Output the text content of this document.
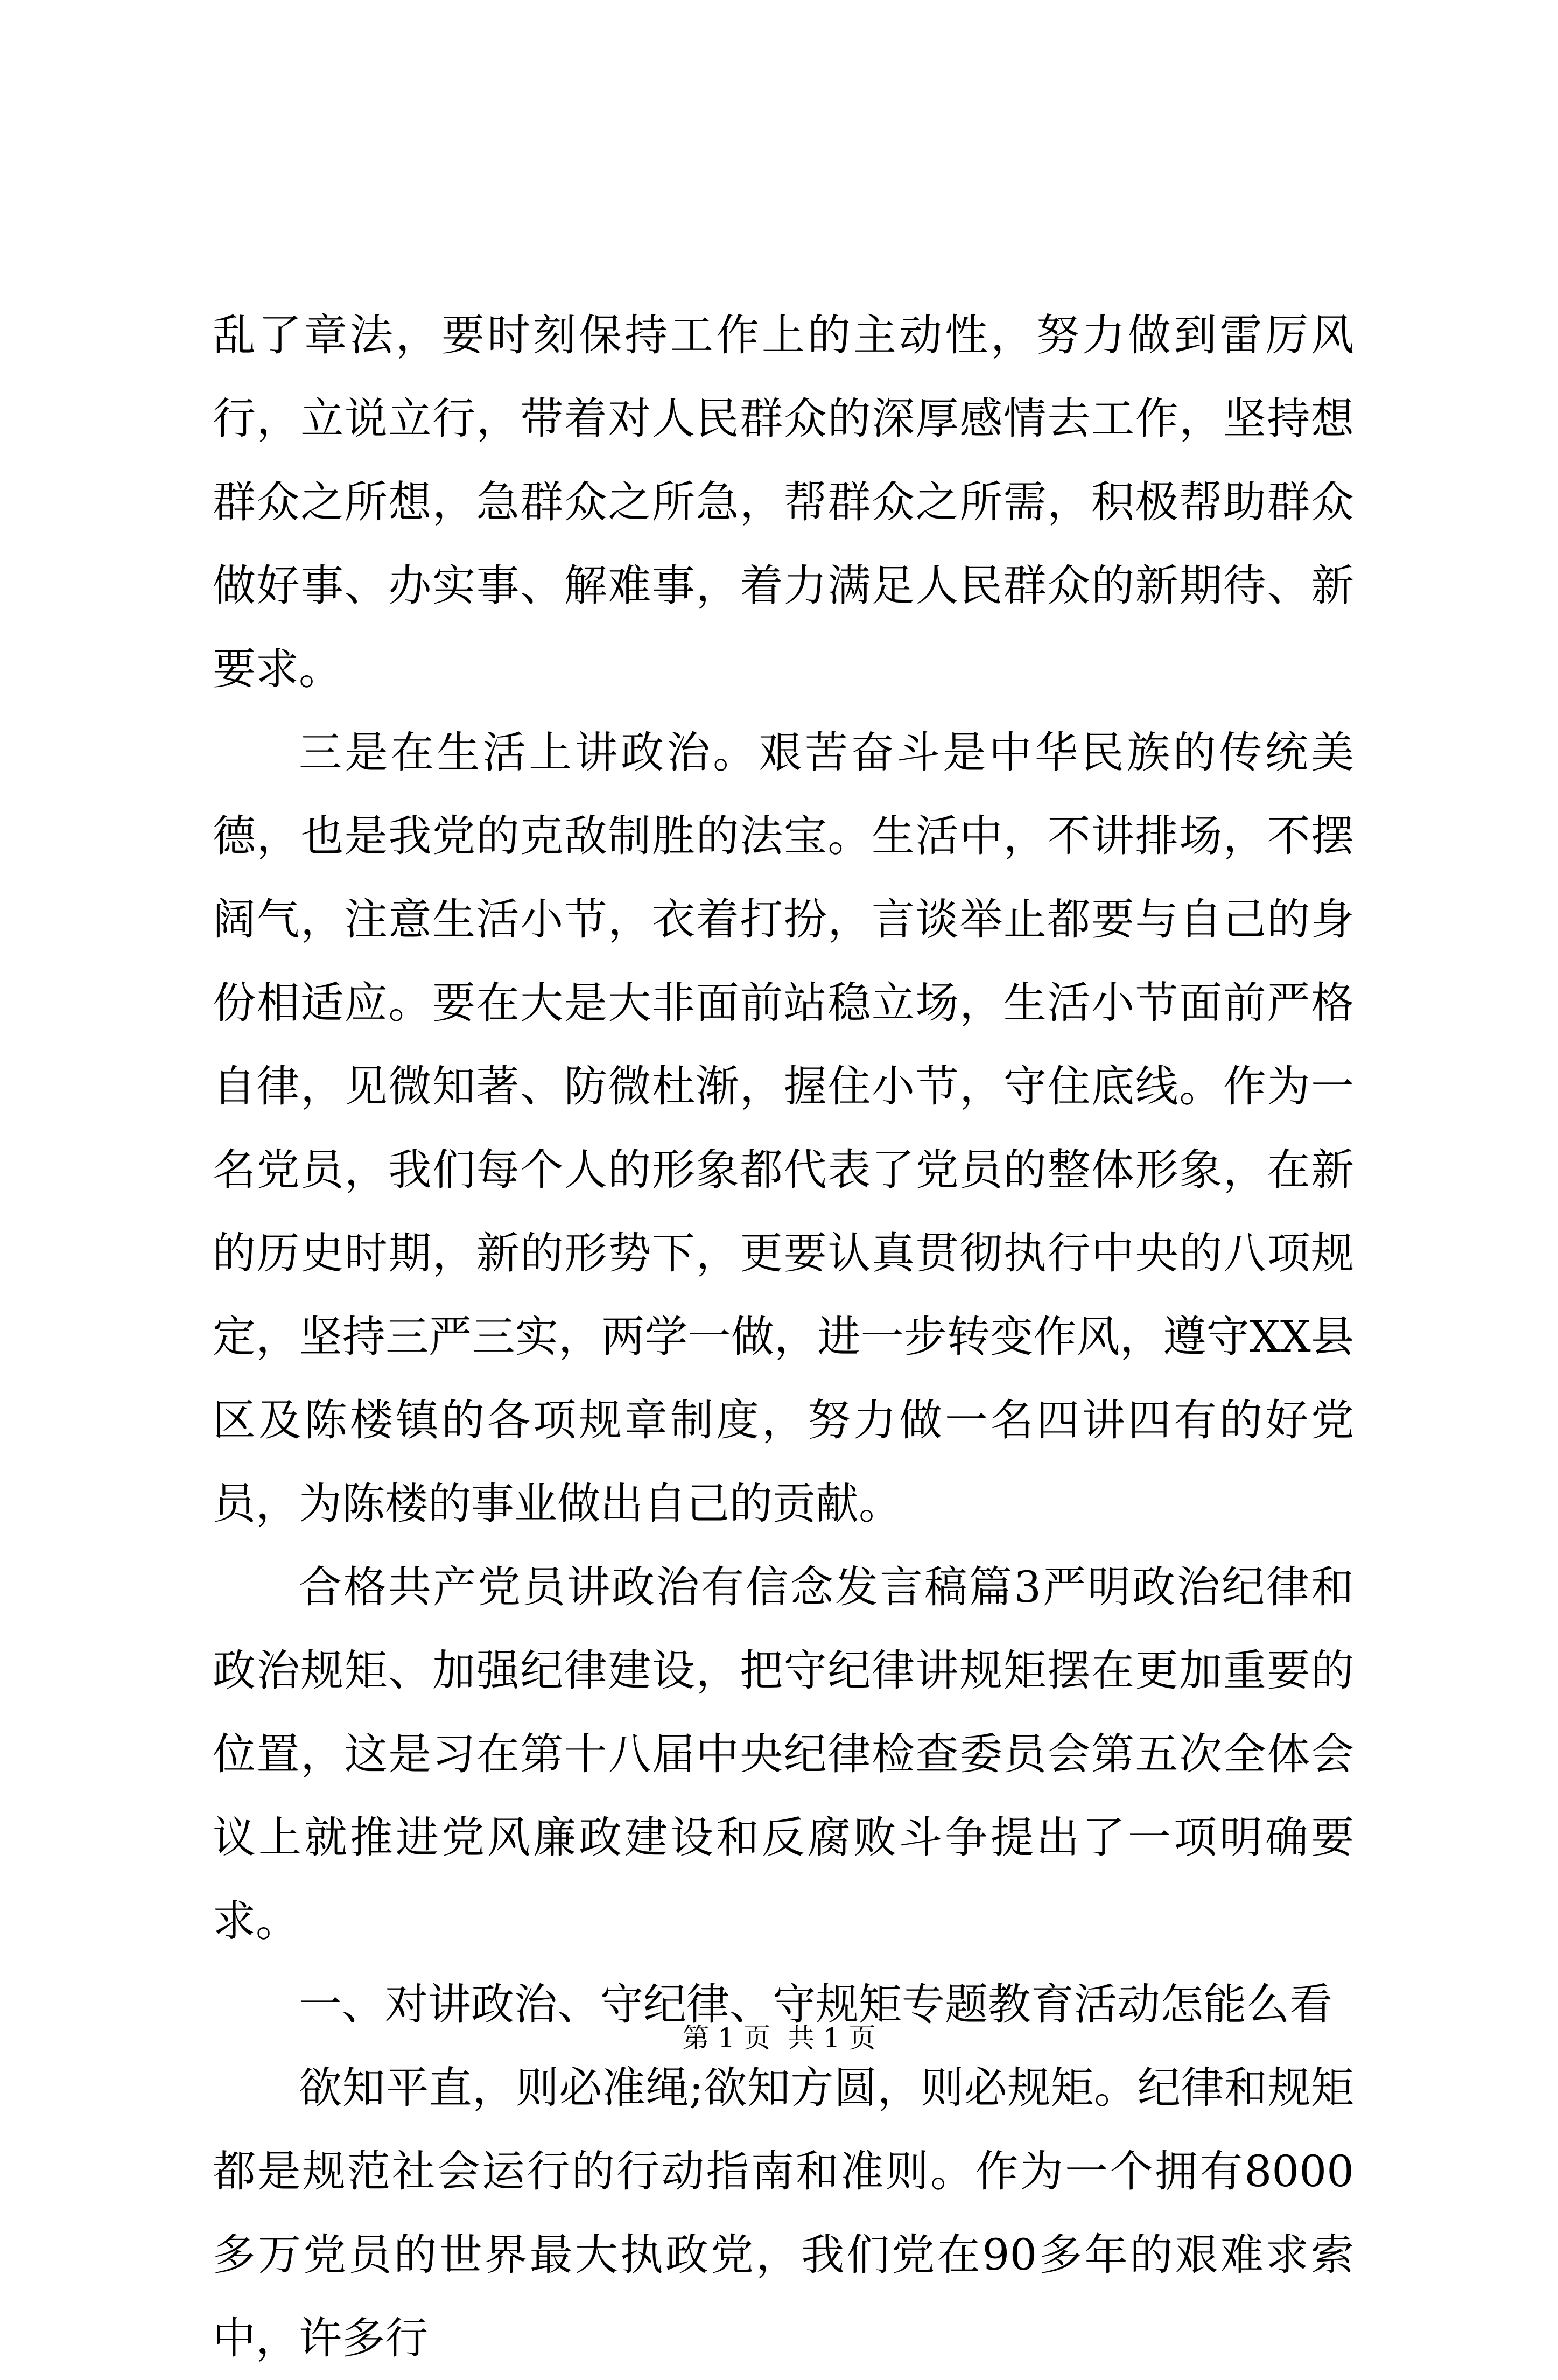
乱了章法，要时刻保持工作上的主动性，努力做到雷厉风行，立说立行，带着对人民群众的深厚感情去工作，坚持想群众之所想，急群众之所急，帮群众之所需，积极帮助群众做好事、办实事、解难事，着力满足人民群众的新期待、新要求。

三是在生活上讲政治。艰苦奋斗是中华民族的传统美德，也是我党的克敌制胜的法宝。生活中，不讲排场，不摆阔气，注意生活小节，衣着打扮，言谈举止都要与自己的身份相适应。要在大是大非面前站稳立场，生活小节面前严格自律，见微知著、防微杜渐，握住小节，守住底线。作为一名党员，我们每个人的形象都代表了党员的整体形象，在新的历史时期，新的形势下，更要认真贯彻执行中央的八项规定，坚持三严三实，两学一做，进一步转变作风，遵守XX县区及陈楼镇的各项规章制度，努力做一名四讲四有的好党员，为陈楼的事业做出自己的贡献。

合格共产党员讲政治有信念发言稿篇3严明政治纪律和政治规矩、加强纪律建设，把守纪律讲规矩摆在更加重要的位置，这是习在第十八届中央纪律检查委员会第五次全体会议上就推进党风廉政建设和反腐败斗争提出了一项明确要求。

一、对讲政治、守纪律、守规矩专题教育活动怎能么看

欲知平直，则必准绳;欲知方圆，则必规矩。纪律和规矩都是规范社会运行的行动指南和准则。作为一个拥有8000多万党员的世界最大执政党，我们党在90多年的艰难求索中，许多行

第 1 页  共 1 页
